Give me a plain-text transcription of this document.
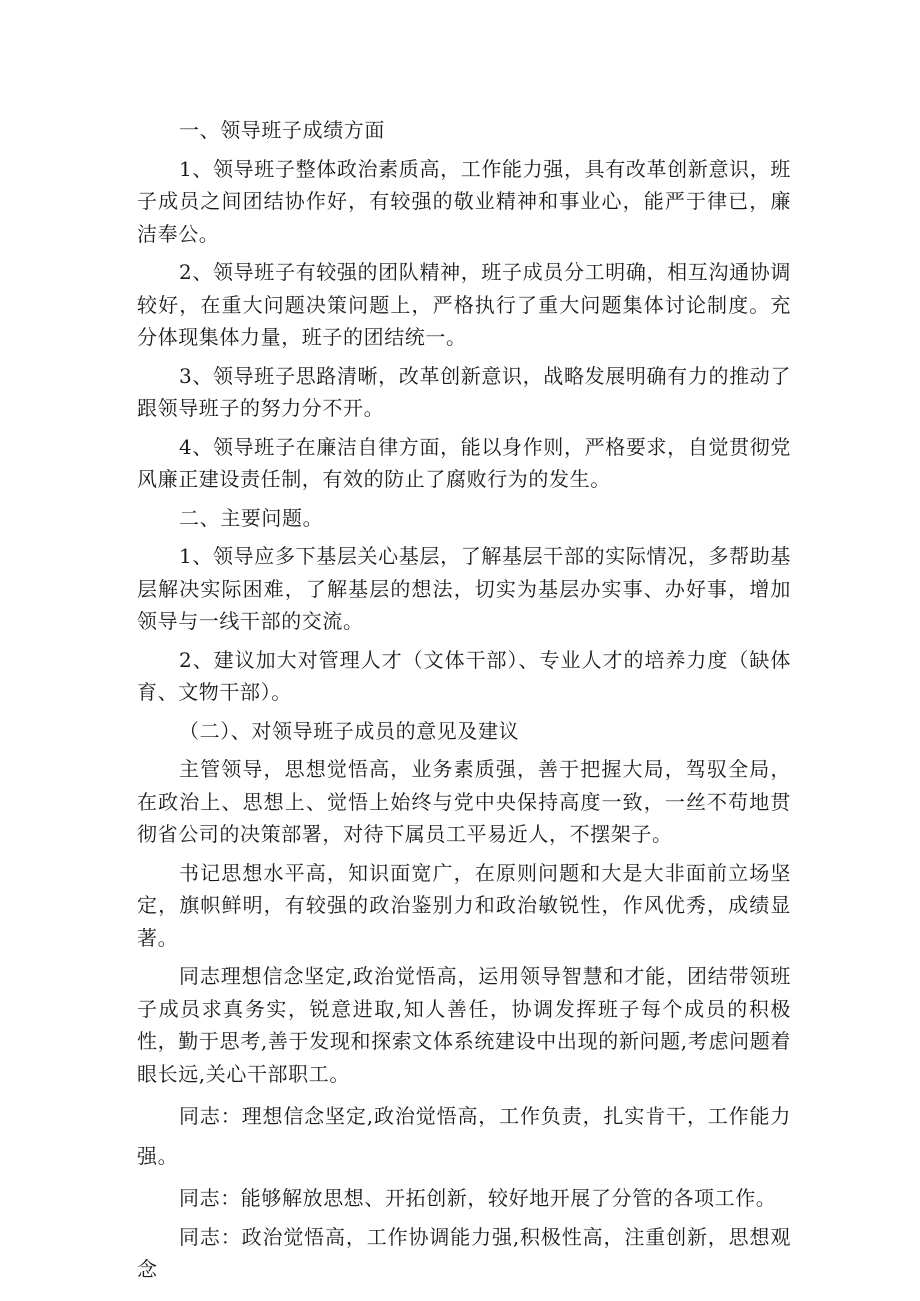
一、领导班子成绩方面

1、领导班子整体政治素质高，工作能力强，具有改革创新意识，班子成员之间团结协作好，有较强的敬业精神和事业心，能严于律已，廉洁奉公。

2、领导班子有较强的团队精神，班子成员分工明确，相互沟通协调较好，在重大问题决策问题上，严格执行了重大问题集体讨论制度。充分体现集体力量，班子的团结统一。

3、领导班子思路清晰，改革创新意识，战略发展明确有力的推动了跟领导班子的努力分不开。

4、领导班子在廉洁自律方面，能以身作则，严格要求，自觉贯彻党风廉正建设责任制，有效的防止了腐败行为的发生。

二、主要问题。

1、领导应多下基层关心基层，了解基层干部的实际情况，多帮助基层解决实际困难，了解基层的想法，切实为基层办实事、办好事，增加领导与一线干部的交流。

2、建议加大对管理人才（文体干部）、专业人才的培养力度（缺体育、文物干部）。

（二）、对领导班子成员的意见及建议

主管领导，思想觉悟高，业务素质强，善于把握大局，驾驭全局，在政治上、思想上、觉悟上始终与党中央保持高度一致，一丝不苟地贯彻省公司的决策部署，对待下属员工平易近人，不摆架子。

书记思想水平高，知识面宽广，在原则问题和大是大非面前立场坚定，旗帜鲜明，有较强的政治鉴别力和政治敏锐性，作风优秀，成绩显著。

同志理想信念坚定,政治觉悟高，运用领导智慧和才能，团结带领班子成员求真务实，锐意进取,知人善任，协调发挥班子每个成员的积极性，勤于思考,善于发现和探索文体系统建设中出现的新问题,考虑问题着眼长远,关心干部职工。

同志：理想信念坚定,政治觉悟高，工作负责，扎实肯干，工作能力强。

同志：能够解放思想、开拓创新，较好地开展了分管的各项工作。

同志：政治觉悟高，工作协调能力强,积极性高，注重创新，思想观念
